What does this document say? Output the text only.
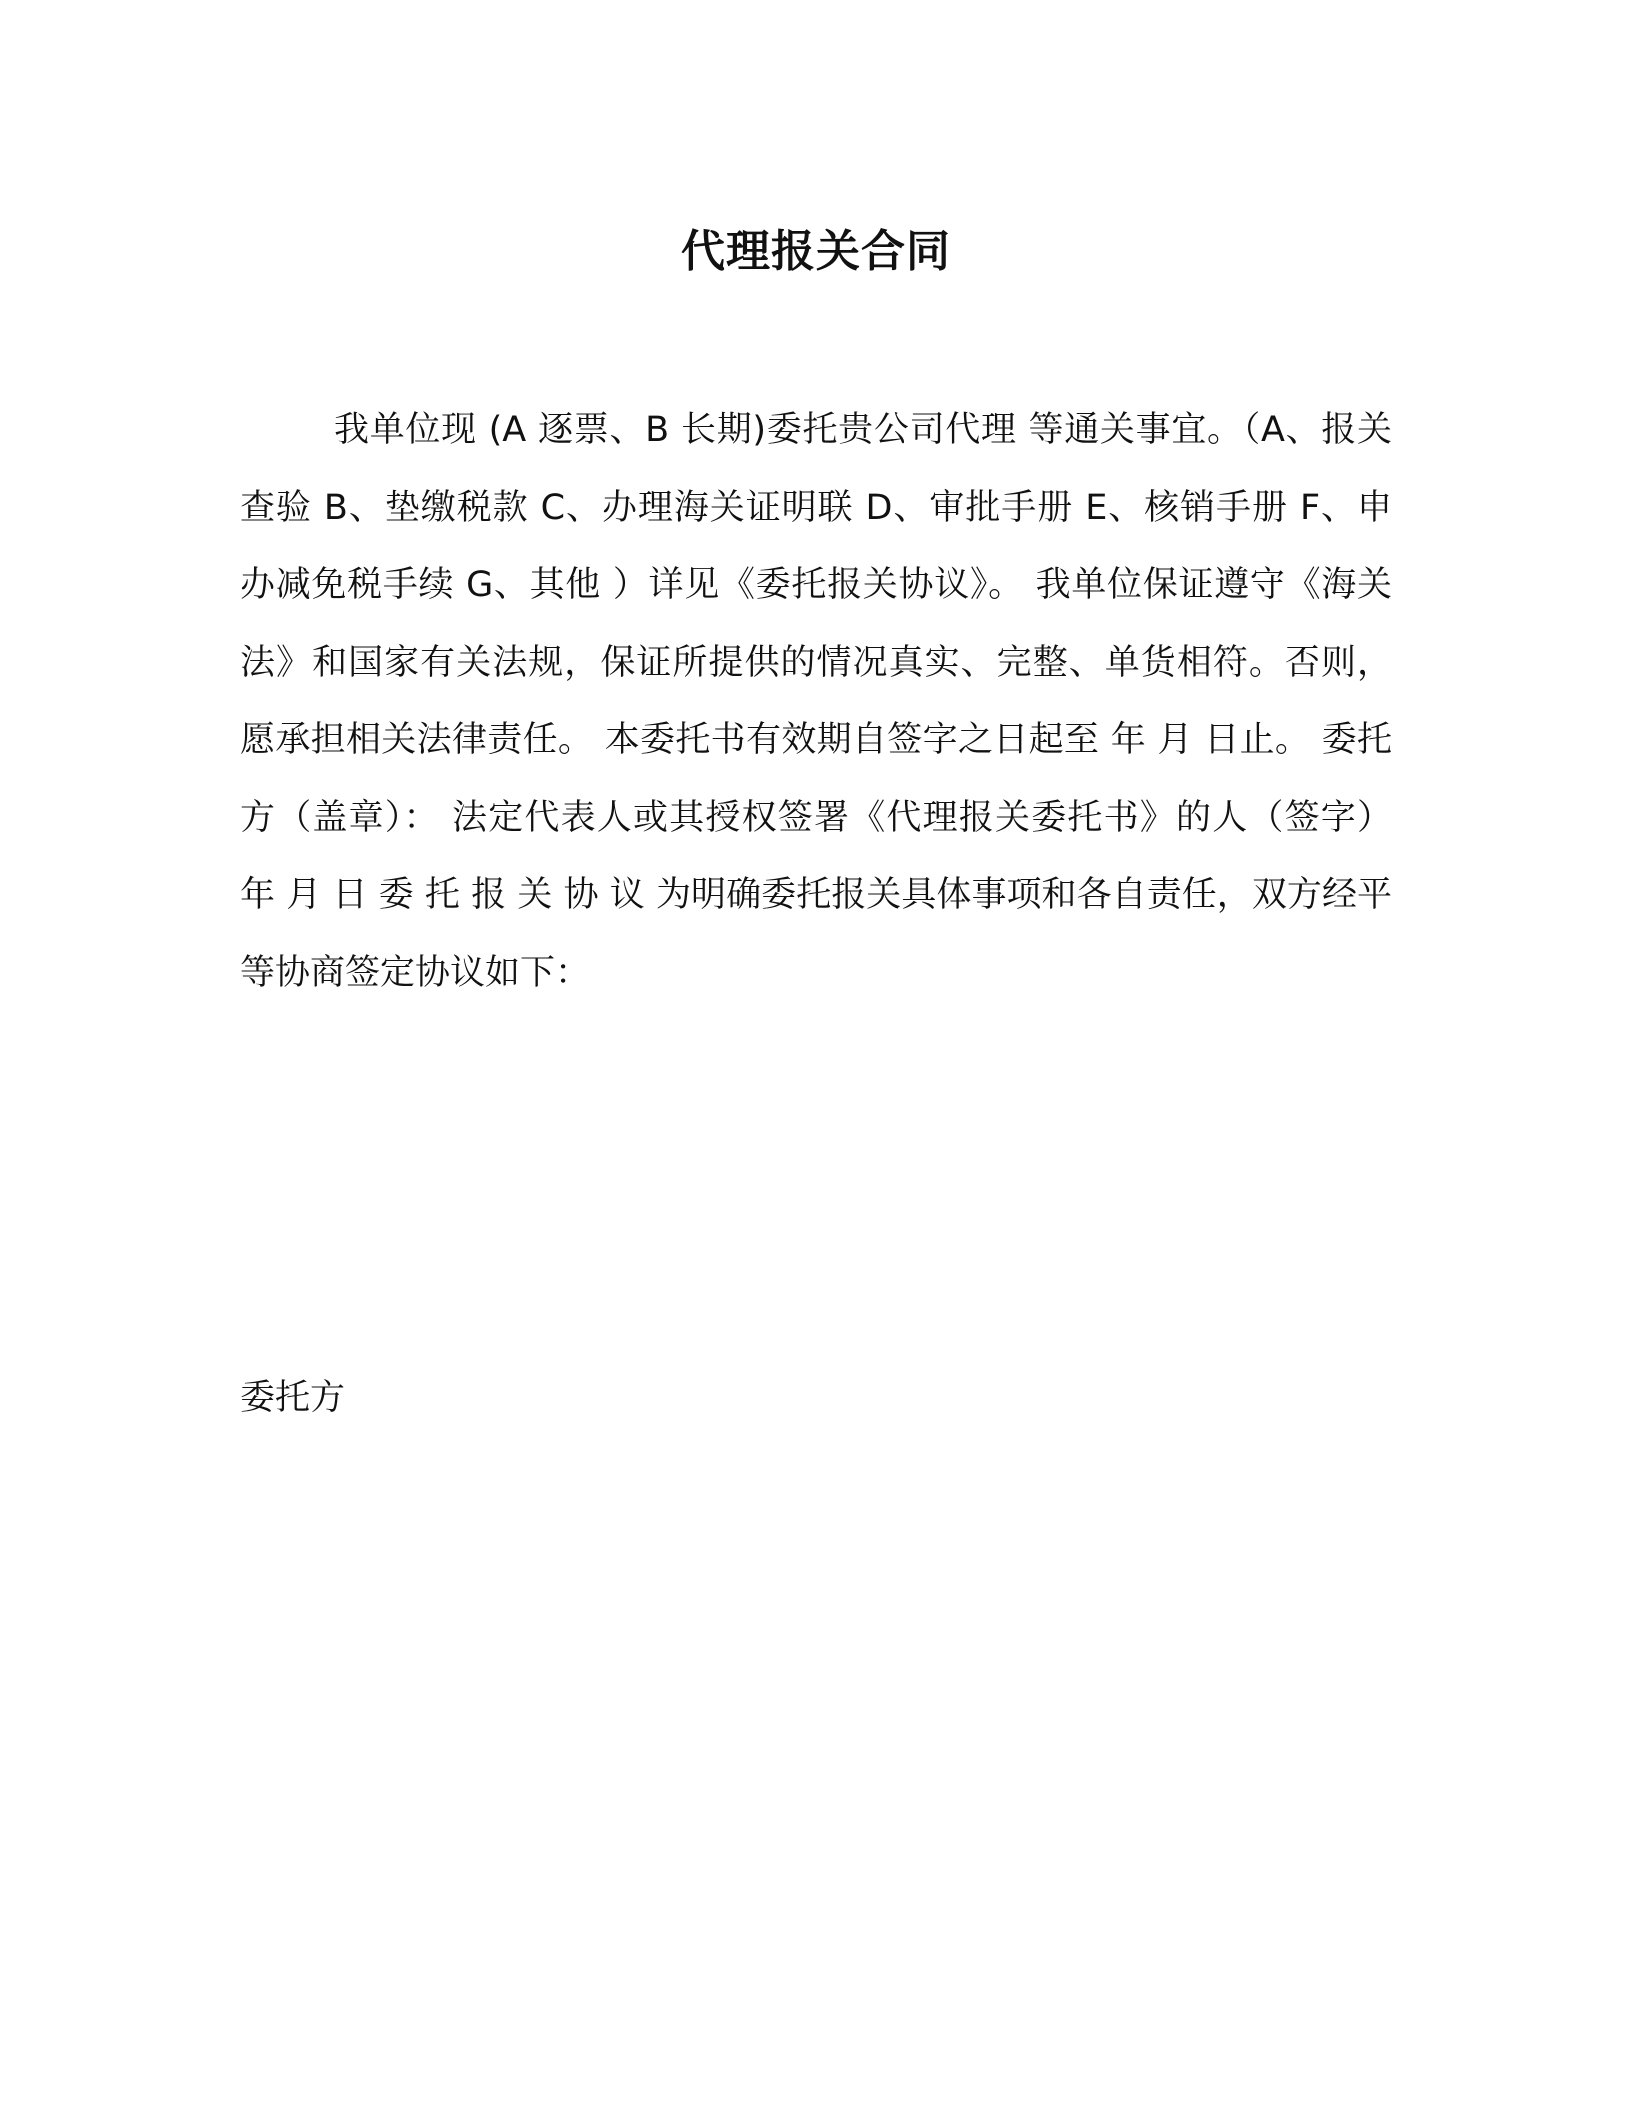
代理报关合同

我单位现 (A 逐票、B 长期)委托贵公司代理 等通关事宜。（A、报关查验 B、垫缴税款 C、办理海关证明联 D、审批手册 E、核销手册 F、申办减免税手续 G、其他 ）详见《委托报关协议》。 我单位保证遵守《海关法》和国家有关法规，保证所提供的情况真实、完整、单货相符。否则，愿承担相关法律责任。 本委托书有效期自签字之日起至 年 月 日止。 委托方（盖章）： 法定代表人或其授权签署《代理报关委托书》的人（签字） 年 月 日 委 托 报 关 协 议 为明确委托报关具体事项和各自责任，双方经平等协商签定协议如下：

委托方
